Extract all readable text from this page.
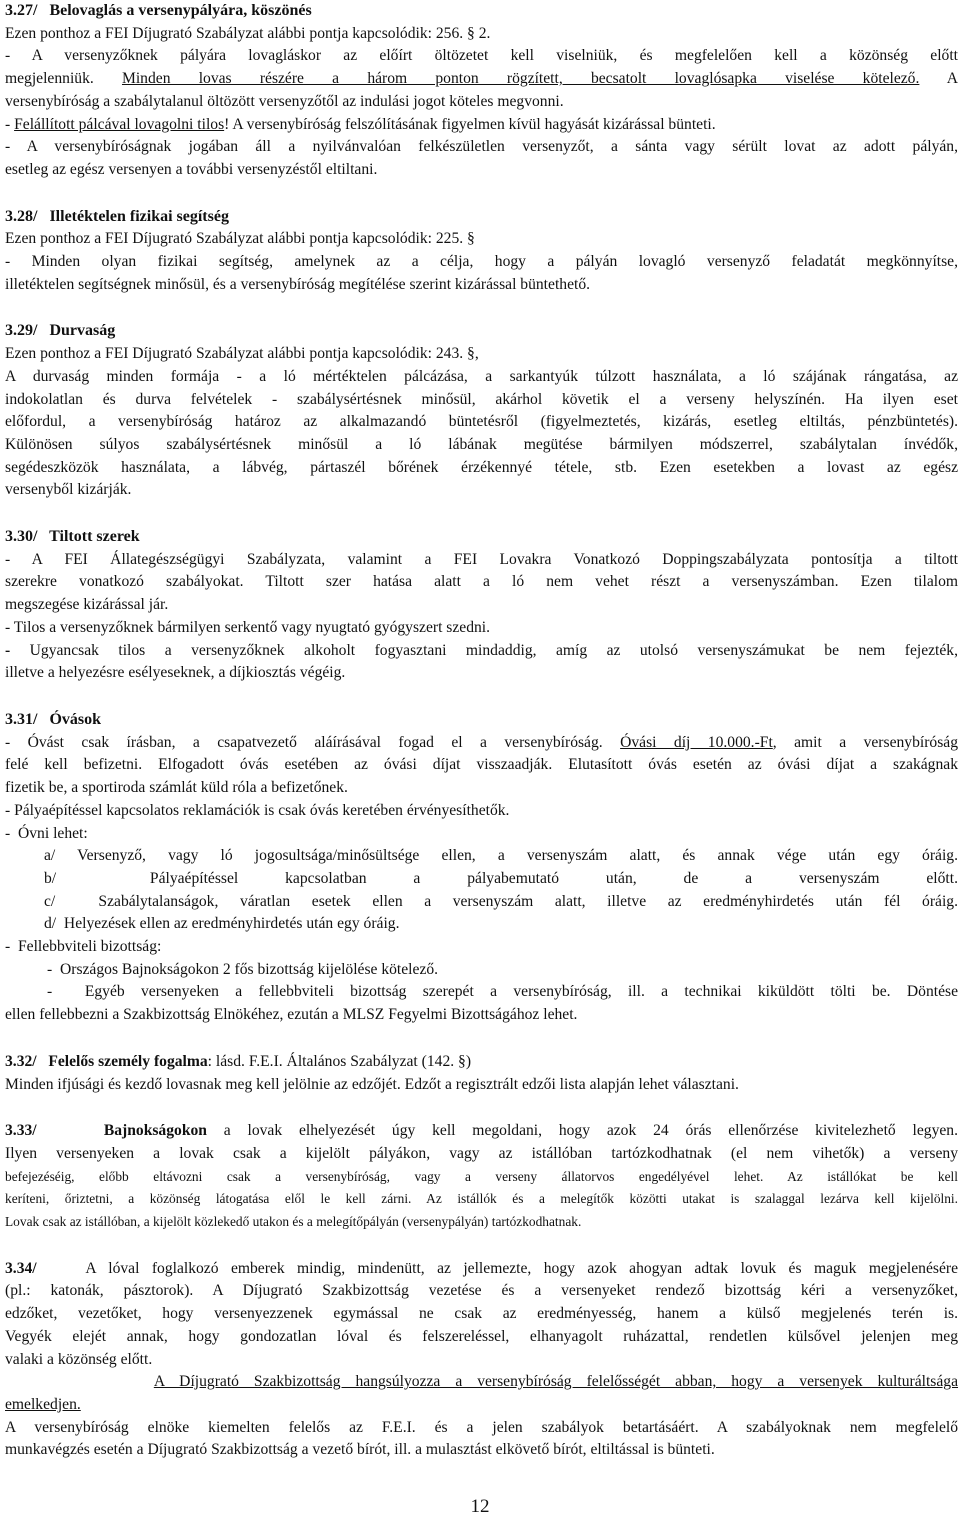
3.27/   Belovaglás a versenypályára, köszönés
Ezen ponthoz a FEI Díjugrató Szabályzat alábbi pontja kapcsolódik: 256. § 2.
- A versenyzőknek pályára lovagláskor az előírt öltözetet kell viselniük, és megfelelően kell a közönség előtt
megjelenniük. Minden lovas részére a három ponton rögzített, becsatolt lovaglósapka viselése kötelező. A
versenybíróság a szabálytalanul öltözött versenyzőtől az indulási jogot köteles megvonni.
- Felállított pálcával lovagolni tilos! A versenybíróság felszólításának figyelmen kívül hagyását kizárással bünteti.
- A versenybíróságnak jogában áll a nyilvánvalóan felkészületlen versenyzőt, a sánta vagy sérült lovat az adott pályán,
esetleg az egész versenyen a további versenyzéstől eltiltani.
3.28/   Illetéktelen fizikai segítség
Ezen ponthoz a FEI Díjugrató Szabályzat alábbi pontja kapcsolódik: 225. §
- Minden olyan fizikai segítség, amelynek az a célja, hogy a pályán lovagló versenyző feladatát megkönnyítse,
illetéktelen segítségnek minősül, és a versenybíróság megítélése szerint kizárással büntethető.
3.29/   Durvaság
Ezen ponthoz a FEI Díjugrató Szabályzat alábbi pontja kapcsolódik: 243. §,
A durvaság minden formája - a ló mértéktelen pálcázása, a sarkantyúk túlzott használata, a ló szájának rángatása, az
indokolatlan és durva felvételek - szabálysértésnek minősül, akárhol követik el a verseny helyszínén. Ha ilyen eset
előfordul, a versenybíróság határoz az alkalmazandó büntetésről (figyelmeztetés, kizárás, esetleg eltiltás, pénzbüntetés).
Különösen súlyos szabálysértésnek minősül a ló lábának megütése bármilyen módszerrel, szabálytalan ínvédők,
segédeszközök használata, a lábvég, pártaszél bőrének érzékennyé tétele, stb. Ezen esetekben a lovast az egész
versenyből kizárják.
3.30/   Tiltott szerek
- A FEI Állategészségügyi Szabályzata, valamint a FEI Lovakra Vonatkozó Doppingszabályzata pontosítja a tiltott
szerekre vonatkozó szabályokat. Tiltott szer hatása alatt a ló nem vehet részt a versenyszámban. Ezen tilalom
megszegése kizárással jár.
- Tilos a versenyzőknek bármilyen serkentő vagy nyugtató gyógyszert szedni.
- Ugyancsak tilos a versenyzőknek alkoholt fogyasztani mindaddig, amíg az utolsó versenyszámukat be nem fejezték,
illetve a helyezésre esélyeseknek, a díjkiosztás végéig.
3.31/   Óvások
- Óvást csak írásban, a csapatvezető aláírásával fogad el a versenybíróság. Óvási díj 10.000.-Ft, amit a versenybíróság
felé kell befizetni. Elfogadott óvás esetében az óvási díjat visszaadják. Elutasított óvás esetén az óvási díjat a szakágnak
fizetik be, a sportiroda számlát küld róla a befizetőnek.
- Pályaépítéssel kapcsolatos reklamációk is csak óvás keretében érvényesíthetők.
-  Óvni lehet:
a/ Versenyző, vagy ló jogosultsága/minősültsége ellen, a versenyszám alatt, és annak vége után egy óráig.
b/  Pályaépítéssel kapcsolatban a pályabemutató után, de a versenyszám előtt.
c/  Szabálytalanságok, váratlan esetek ellen a versenyszám alatt, illetve az eredményhirdetés után fél óráig.
d/  Helyezések ellen az eredményhirdetés után egy óráig.
-  Fellebbviteli bizottság:
-  Országos Bajnokságokon 2 fős bizottság kijelölése kötelező.
-  Egyéb versenyeken a fellebbviteli bizottság szerepét a versenybíróság, ill. a technikai kiküldött tölti be. Döntése
ellen fellebbezni a Szakbizottság Elnökéhez, ezután a MLSZ Fegyelmi Bizottságához lehet.
3.32/   Felelős személy fogalma: lásd. F.E.I. Általános Szabályzat (142. §)
Minden ifjúsági és kezdő lovasnak meg kell jelölnie az edzőjét. Edzőt a regisztrált edzői lista alapján lehet választani.
3.33/    Bajnokságokon a lovak elhelyezését úgy kell megoldani, hogy azok 24 órás ellenőrzése kivitelezhető legyen.
Ilyen versenyeken a lovak csak a kijelölt pályákon, vagy az istállóban tartózkodhatnak (el nem vihetők) a verseny
befejezéséig, előbb eltávozni csak a versenybíróság, vagy a verseny állatorvos engedélyével lehet. Az istállókat be kell
keríteni, őriztetni, a közönség látogatása elől le kell zárni. Az istállók és a melegítők közötti utakat is szalaggal lezárva kell kijelölni.
Lovak csak az istállóban, a kijelölt közlekedő utakon és a melegítőpályán (versenypályán) tartózkodhatnak.
3.34/    A lóval foglalkozó emberek mindig, mindenütt, az jellemezte, hogy azok ahogyan adtak lovuk és maguk megjelenésére
(pl.: katonák, pásztorok). A Díjugrató Szakbizottság vezetése és a versenyeket rendező bizottság kéri a versenyzőket,
edzőket, vezetőket, hogy versenyezzenek egymással ne csak az eredményesség, hanem a külső megjelenés terén is.
Vegyék elejét annak, hogy gondozatlan lóval és felszereléssel, elhanyagolt ruházattal, rendetlen külsővel jelenjen meg
valaki a közönség előtt.
A Díjugrató Szakbizottság hangsúlyozza a versenybíróság felelősségét abban, hogy a versenyek kulturáltsága
emelkedjen.
A versenybíróság elnöke kiemelten felelős az F.E.I. és a jelen szabályok betartásáért. A szabályoknak nem megfelelő
munkavégzés esetén a Díjugrató Szakbizottság a vezető bírót, ill. a mulasztást elkövető bírót, eltiltással is bünteti.
12
